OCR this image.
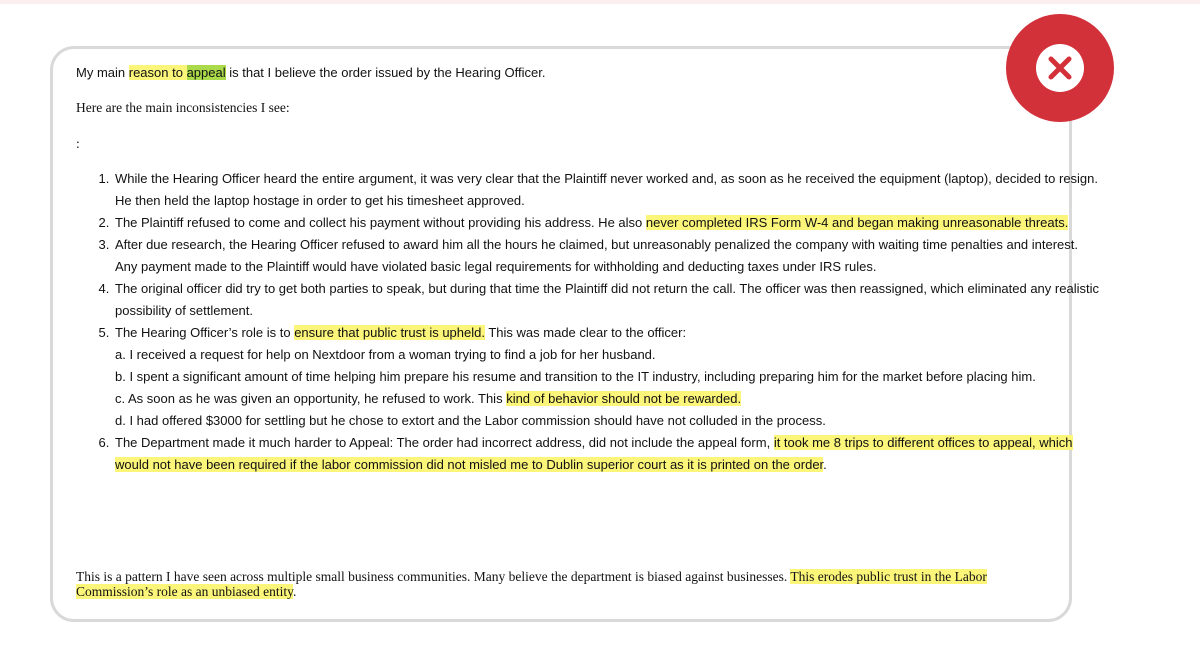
My main reason to appeal is that I believe the order issued by the Hearing Officer.

Here are the main inconsistencies I see:

:

1. While the Hearing Officer heard the entire argument, it was very clear that the Plaintiff never worked and, as soon as he received the equipment (laptop), decided to resign. He then held the laptop hostage in order to get his timesheet approved.
2. The Plaintiff refused to come and collect his payment without providing his address. He also never completed IRS Form W-4 and began making unreasonable threats.
3. After due research, the Hearing Officer refused to award him all the hours he claimed, but unreasonably penalized the company with waiting time penalties and interest. Any payment made to the Plaintiff would have violated basic legal requirements for withholding and deducting taxes under IRS rules.
4. The original officer did try to get both parties to speak, but during that time the Plaintiff did not return the call. The officer was then reassigned, which eliminated any realistic possibility of settlement.
5. The Hearing Officer’s role is to ensure that public trust is upheld. This was made clear to the officer:
a. I received a request for help on Nextdoor from a woman trying to find a job for her husband.
b. I spent a significant amount of time helping him prepare his resume and transition to the IT industry, including preparing him for the market before placing him.
c. As soon as he was given an opportunity, he refused to work. This kind of behavior should not be rewarded.
d. I had offered $3000 for settling but he chose to extort and the Labor commission should have not colluded in the process.
6. The Department made it much harder to Appeal: The order had incorrect address, did not include the appeal form, it took me 8 trips to different offices to appeal, which would not have been required if the labor commission did not misled me to Dublin superior court as it is printed on the order.

This is a pattern I have seen across multiple small business communities. Many believe the department is biased against businesses. This erodes public trust in the Labor Commission’s role as an unbiased entity.
